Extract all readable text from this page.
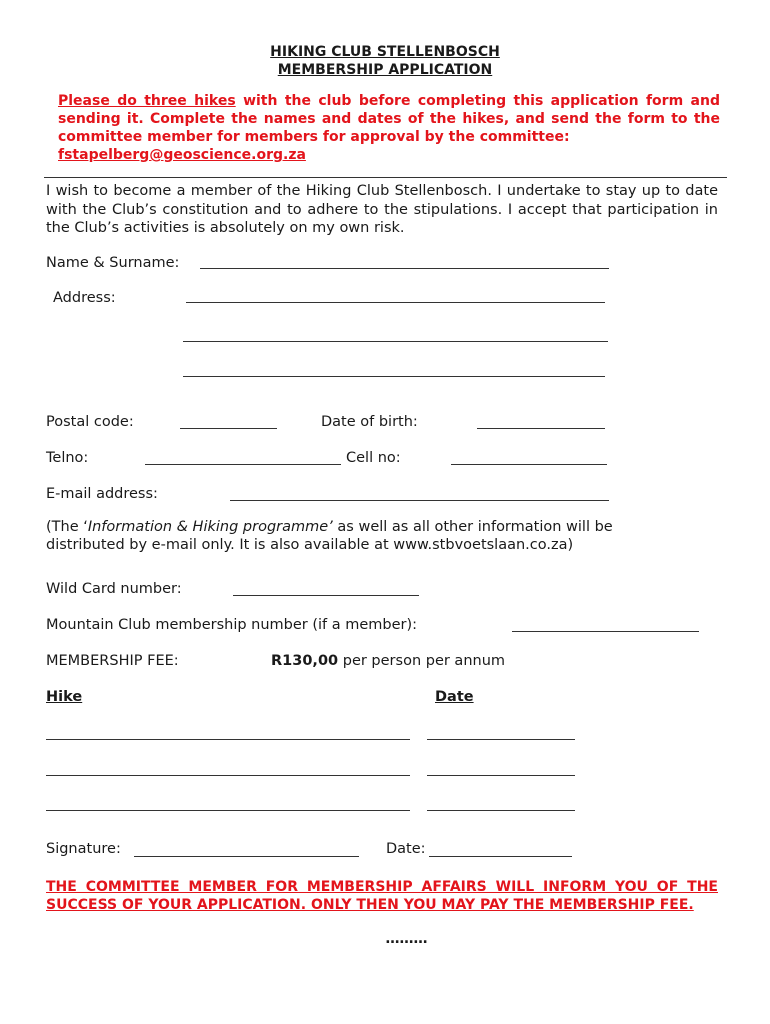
HIKING CLUB STELLENBOSCH
MEMBERSHIP APPLICATION
Please do three hikes with the club before completing this application form and sending it. Complete the names and dates of the hikes, and send the form to the committee member for members for approval by the committee:
fstapelberg@geoscience.org.za
I wish to become a member of the Hiking Club Stellenbosch. I undertake to stay up to date with the Club’s constitution and to adhere to the stipulations. I accept that participation in the Club’s activities is absolutely on my own risk.
Name & Surname:
Address:
Postal code:	Date of birth:
Telno:	Cell no:
E-mail address:
(The ‘Information & Hiking programme’ as well as all other information will be
distributed by e-mail only. It is also available at www.stbvoetslaan.co.za)
Wild Card number:
Mountain Club membership number (if a member):
MEMBERSHIP FEE:	R130,00 per person per annum
Hike	Date
Signature:	Date:
THE COMMITTEE MEMBER FOR MEMBERSHIP AFFAIRS WILL INFORM YOU OF THE SUCCESS OF YOUR APPLICATION. ONLY THEN YOU MAY PAY THE MEMBERSHIP FEE.
………
